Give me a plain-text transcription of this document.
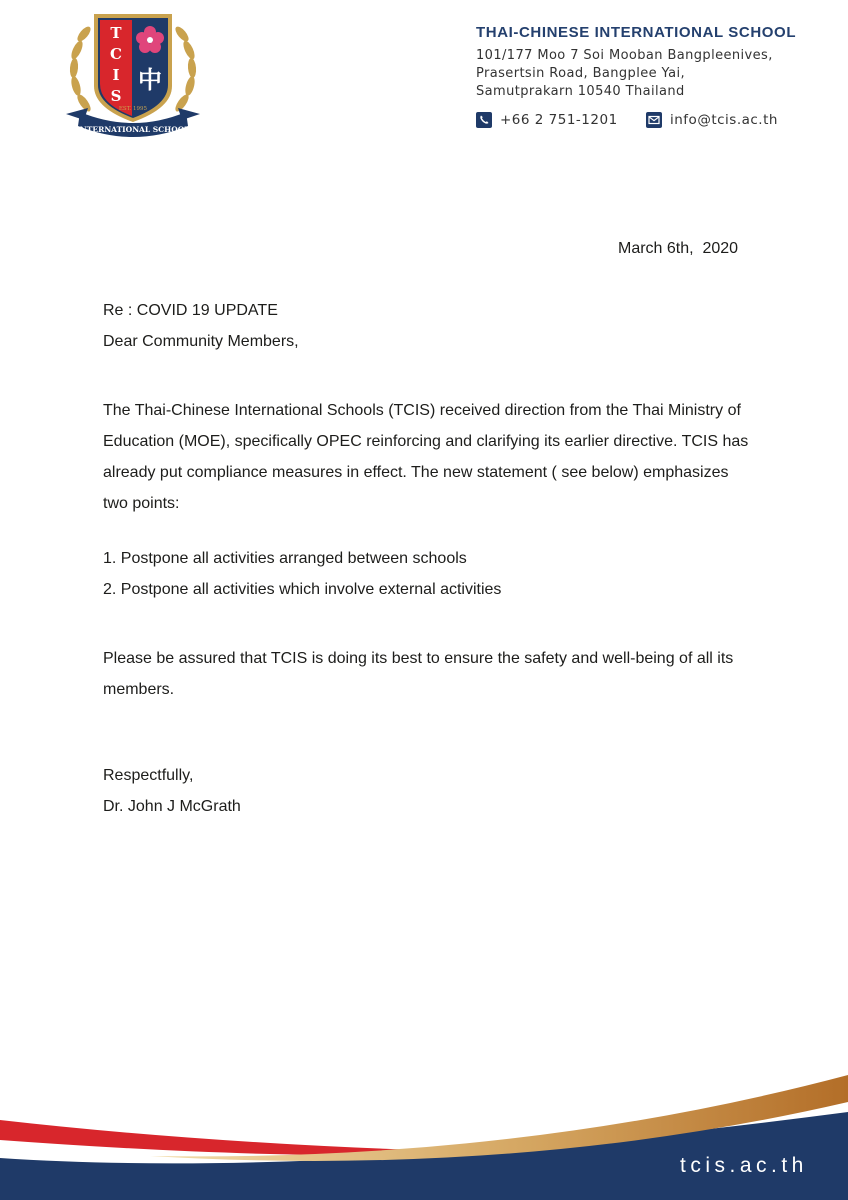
T
C
I
S
中
EST. 1995
INTERNATIONAL SCHOOL
THAI-CHINESE INTERNATIONAL SCHOOL
101/177 Moo 7 Soi Mooban Bangpleenives,
Prasertsin Road, Bangplee Yai,
Samutprakarn 10540 Thailand
+66 2 751-1201	info@tcis.ac.th
March 6th,  2020
Re : COVID 19 UPDATE
Dear Community Members,
The Thai-Chinese International Schools (TCIS) received direction from the Thai Ministry of Education (MOE), specifically OPEC reinforcing and clarifying its earlier directive. TCIS has already put compliance measures in effect. The new statement ( see below) emphasizes two points:
1. Postpone all activities arranged between schools
2. Postpone all activities which involve external activities
Please be assured that TCIS is doing its best to ensure the safety and well-being of all its members.
Respectfully,
Dr. John J McGrath
tcis.ac.th
